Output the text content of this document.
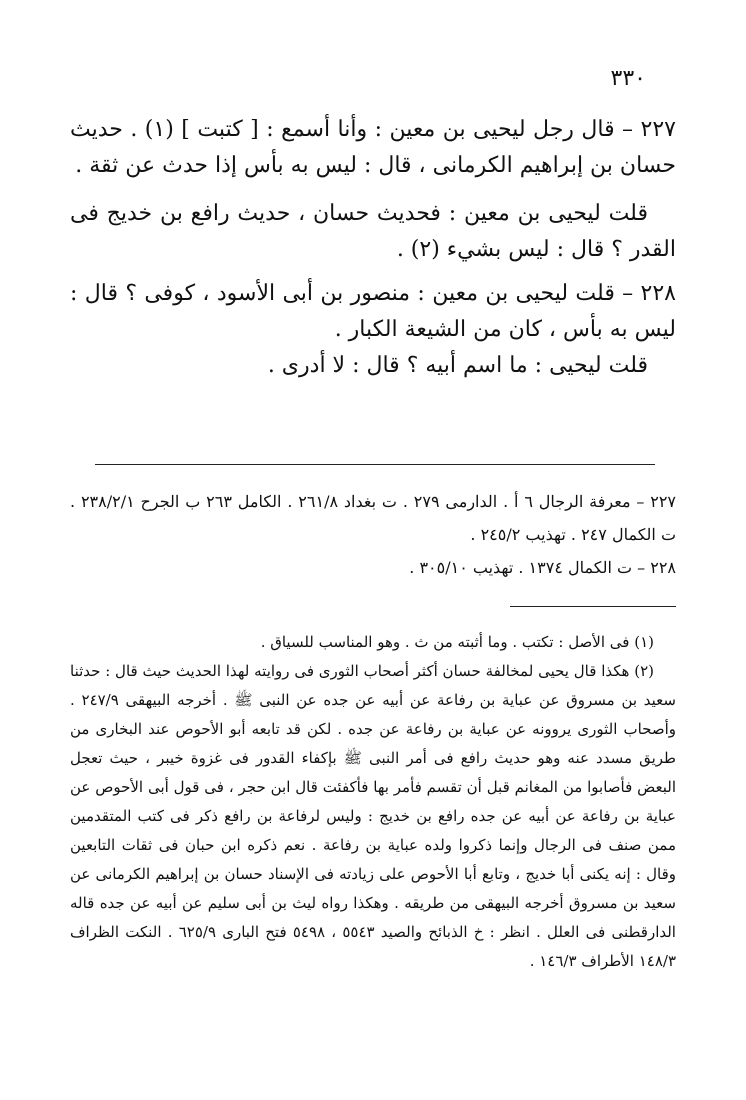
٣٣٠

٢٢٧ – قال رجل ليحيى بن معين : وأنا أسمع : [ كتبت ] (١) . حديث حسان بن إبراهيم الكرمانى ، قال : ليس به بأس إذا حدث عن ثقة .

قلت ليحيى بن معين : فحديث حسان ، حديث رافع بن خديج فى القدر ؟ قال : ليس بشيء (٢) .

٢٢٨ – قلت ليحيى بن معين : منصور بن أبى الأسود ، كوفى ؟ قال : ليس به بأس ، كان من الشيعة الكبار .

قلت ليحيى : ما اسم أبيه ؟ قال : لا أدرى .

٢٢٧ – معرفة الرجال ٦ أ . الدارمى ٢٧٩ . ت بغداد ٢٦١/٨ . الكامل ٢٦٣ ب الجرح ٢٣٨/٢/١ . ت الكمال ٢٤٧ . تهذيب ٢٤٥/٢ .

٢٢٨ – ت الكمال ١٣٧٤ . تهذيب ٣٠٥/١٠ .

(١) فى الأصل : تكتب . وما أثبته من ث . وهو المناسب للسياق .

(٢) هكذا قال يحيى لمخالفة حسان أكثر أصحاب الثورى فى روايته لهذا الحديث حيث قال : حدثنا سعيد بن مسروق عن عباية بن رفاعة عن أبيه عن جده عن النبى ﷺ . أخرجه البيهقى ٢٤٧/٩ . وأصحاب الثورى يروونه عن عباية بن رفاعة عن جده . لكن قد تابعه أبو الأحوص عند البخارى من طريق مسدد عنه وهو حديث رافع فى أمر النبى ﷺ بإكفاء القدور فى غزوة خيبر ، حيث تعجل البعض فأصابوا من المغانم قبل أن تقسم فأمر بها فأكفئت قال ابن حجر ، فى قول أبى الأحوص عن عباية بن رفاعة عن أبيه عن جده رافع بن خديج : وليس لرفاعة بن رافع ذكر فى كتب المتقدمين ممن صنف فى الرجال وإنما ذكروا ولده عباية بن رفاعة . نعم ذكره ابن حبان فى ثقات التابعين وقال : إنه يكنى أبا خديج ، وتابع أبا الأحوص على زيادته فى الإسناد حسان بن إبراهيم الكرمانى عن سعيد بن مسروق أخرجه البيهقى من طريقه . وهكذا رواه ليث بن أبى سليم عن أبيه عن جده قاله الدارقطنى فى العلل . انظر : خ الذبائح والصيد ٥٥٤٣ ، ٥٤٩٨ فتح البارى ٦٢٥/٩ . النكت الظراف ١٤٨/٣ الأطراف ١٤٦/٣ .
